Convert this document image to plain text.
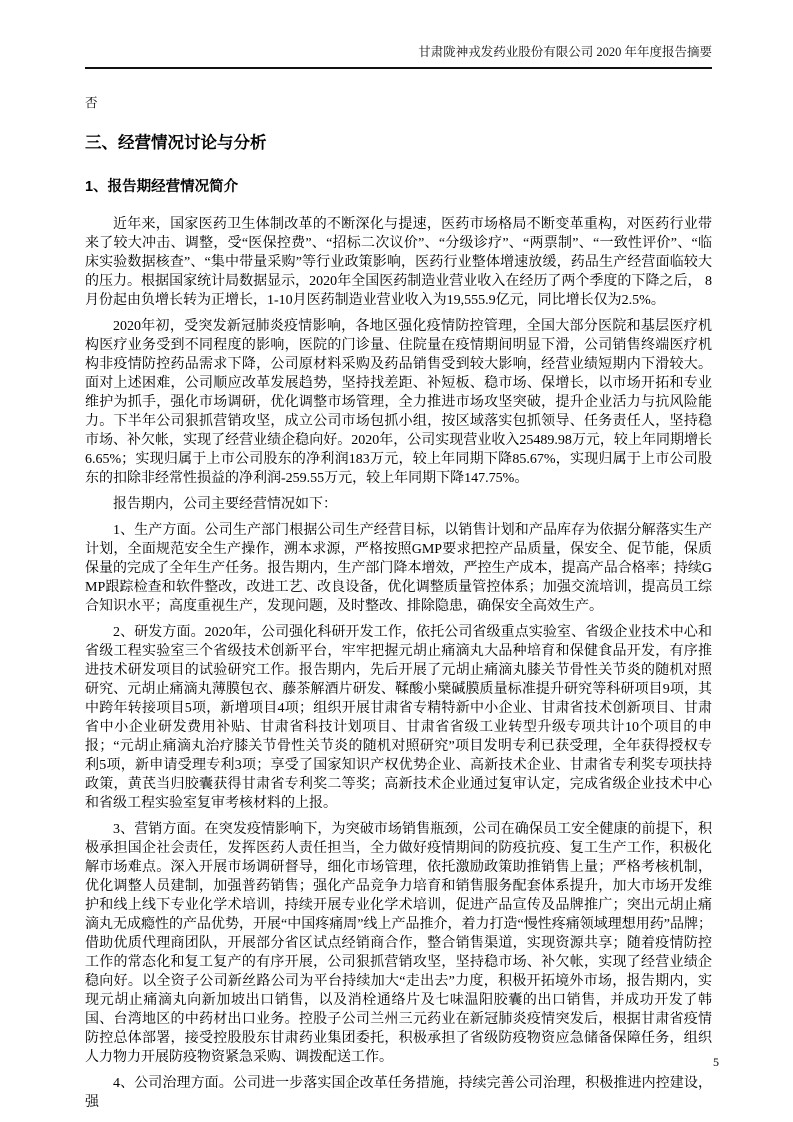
甘肃陇神戎发药业股份有限公司 2020 年年度报告摘要

否

三、经营情况讨论与分析
1、报告期经营情况简介

近年来，国家医药卫生体制改革的不断深化与提速，医药市场格局不断变革重构，对医药行业带来了较大冲击、调整，受“医保控费”、“招标二次议价”、“分级诊疗”、“两票制”、“一致性评价”、“临床实验数据核查”、“集中带量采购”等行业政策影响，医药行业整体增速放缓，药品生产经营面临较大的压力。根据国家统计局数据显示，2020年全国医药制造业营业收入在经历了两个季度的下降之后， 8月份起由负增长转为正增长，1-10月医药制造业营业收入为19,555.9亿元，同比增长仅为2.5%。

2020年初，受突发新冠肺炎疫情影响，各地区强化疫情防控管理，全国大部分医院和基层医疗机构医疗业务受到不同程度的影响，医院的门诊量、住院量在疫情期间明显下滑，公司销售终端医疗机构非疫情防控药品需求下降，公司原材料采购及药品销售受到较大影响，经营业绩短期内下滑较大。面对上述困难，公司顺应改革发展趋势，坚持找差距、补短板、稳市场、保增长，以市场开拓和专业维护为抓手，强化市场调研，优化调整市场管理，全力推进市场攻坚突破，提升企业活力与抗风险能力。下半年公司狠抓营销攻坚，成立公司市场包抓小组，按区域落实包抓领导、任务责任人，坚持稳市场、补欠帐，实现了经营业绩企稳向好。2020年，公司实现营业收入25489.98万元，较上年同期增长6.65%；实现归属于上市公司股东的净利润183万元，较上年同期下降85.67%，实现归属于上市公司股东的扣除非经常性损益的净利润-259.55万元，较上年同期下降147.75%。

报告期内，公司主要经营情况如下：

1、生产方面。公司生产部门根据公司生产经营目标，以销售计划和产品库存为依据分解落实生产计划，全面规范安全生产操作，溯本求源，严格按照GMP要求把控产品质量，保安全、促节能，保质保量的完成了全年生产任务。报告期内，生产部门降本增效，严控生产成本，提高产品合格率；持续GMP跟踪检查和软件整改，改进工艺、改良设备，优化调整质量管控体系；加强交流培训，提高员工综合知识水平；高度重视生产，发现问题，及时整改、排除隐患，确保安全高效生产。

2、研发方面。2020年，公司强化科研开发工作，依托公司省级重点实验室、省级企业技术中心和省级工程实验室三个省级技术创新平台，牢牢把握元胡止痛滴丸大品种培育和保健食品开发，有序推进技术研发项目的试验研究工作。报告期内，先后开展了元胡止痛滴丸膝关节骨性关节炎的随机对照研究、元胡止痛滴丸薄膜包衣、藤茶解酒片研发、鞣酸小檗碱膜质量标准提升研究等科研项目9项，其中跨年转接项目5项，新增项目4项；组织开展甘肃省专精特新中小企业、甘肃省技术创新项目、甘肃省中小企业研发费用补贴、甘肃省科技计划项目、甘肃省省级工业转型升级专项共计10个项目的申报；“元胡止痛滴丸治疗膝关节骨性关节炎的随机对照研究”项目发明专利已获受理，全年获得授权专利5项，新申请受理专利3项；享受了国家知识产权优势企业、高新技术企业、甘肃省专利奖专项扶持政策，黄芪当归胶囊获得甘肃省专利奖二等奖；高新技术企业通过复审认定，完成省级企业技术中心和省级工程实验室复审考核材料的上报。

3、营销方面。在突发疫情影响下，为突破市场销售瓶颈，公司在确保员工安全健康的前提下，积极承担国企社会责任，发挥医药人责任担当，全力做好疫情期间的防疫抗疫、复工生产工作，积极化解市场难点。深入开展市场调研督导，细化市场管理，依托激励政策助推销售上量；严格考核机制，优化调整人员建制，加强普药销售；强化产品竞争力培育和销售服务配套体系提升，加大市场开发维护和线上线下专业化学术培训，持续开展专业化学术培训，促进产品宣传及品牌推广；突出元胡止痛滴丸无成瘾性的产品优势，开展“中国疼痛周”线上产品推介，着力打造“慢性疼痛领域理想用药”品牌；借助优质代理商团队，开展部分省区试点经销商合作，整合销售渠道，实现资源共享；随着疫情防控工作的常态化和复工复产的有序开展，公司狠抓营销攻坚，坚持稳市场、补欠帐，实现了经营业绩企稳向好。以全资子公司新丝路公司为平台持续加大“走出去”力度，积极开拓境外市场，报告期内，实现元胡止痛滴丸向新加坡出口销售，以及消栓通络片及七味温阳胶囊的出口销售，并成功开发了韩国、台湾地区的中药材出口业务。控股子公司兰州三元药业在新冠肺炎疫情突发后，根据甘肃省疫情防控总体部署，接受控股股东甘肃药业集团委托，积极承担了省级防疫物资应急储备保障任务，组织人力物力开展防疫物资紧急采购、调拨配送工作。

4、公司治理方面。公司进一步落实国企改革任务措施，持续完善公司治理，积极推进内控建设，强

5
